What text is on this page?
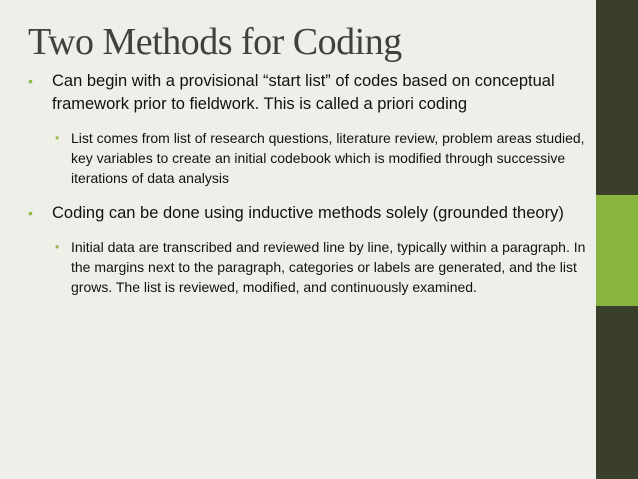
Two Methods for Coding
• Can begin with a provisional “start list” of codes based on conceptual framework prior to fieldwork. This is called a priori coding
• List comes from list of research questions, literature review, problem areas studied, key variables to create an initial codebook which is modified through successive iterations of data analysis
• Coding can be done using inductive methods solely (grounded theory)
• Initial data are transcribed and reviewed line by line, typically within a paragraph. In the margins next to the paragraph, categories or labels are generated, and the list grows. The list is reviewed, modified, and continuously examined.
